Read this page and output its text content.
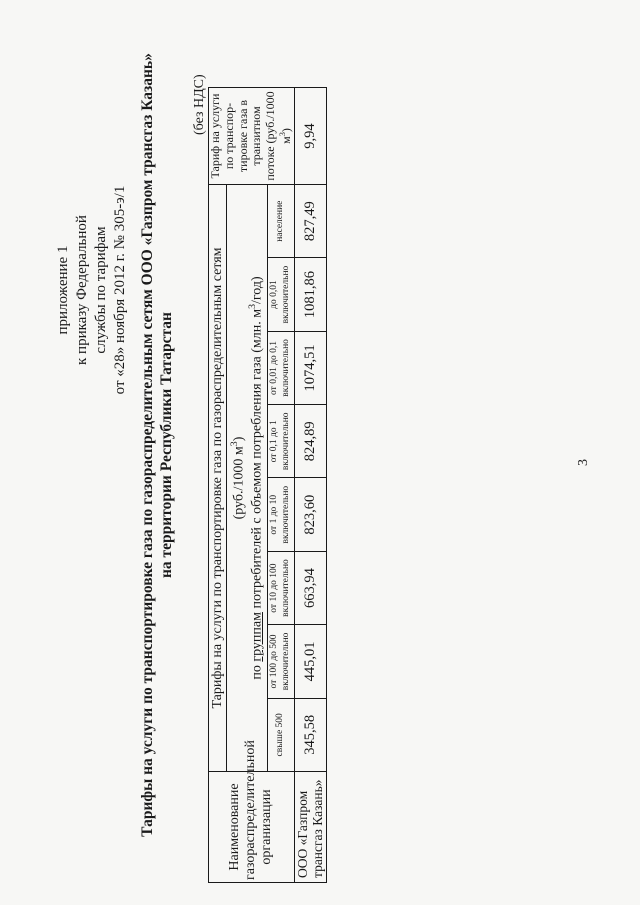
приложение 1 к приказу Федеральной службы по тарифам от «28» ноября 2012 г. № 305-э/1 Тарифы на услуги по транспортировке газа по газораспределительным сетям ООО «Газпром трансгаз Казань» на территории Республики Татарстан
(без НДС)
Наименование газораспределительной организации	Тарифы на услуги по транспортировке газа по газораспределительным сетям								Тариф на услуги по транспор-тировке газа в транзитном потоке (руб./1000 $м^3$)

	(руб./1000 $м^3$)
по группам потребителей с объемом потребления газа (млн. $м^3/год$)								

	свыше 500	от 100 до 500 включительно	от 10 до 100 включительно	от 1 до 10 включительно	от 0,1 до 1 включительно	от 0,01 до 0,1 включительно	до 0,01 включительно	население	

ООО «Газпром трансгаз Казань»	345,58	445,01	663,94	823,60	824,89	1074,51	1081,86	827,49	9,94
3
